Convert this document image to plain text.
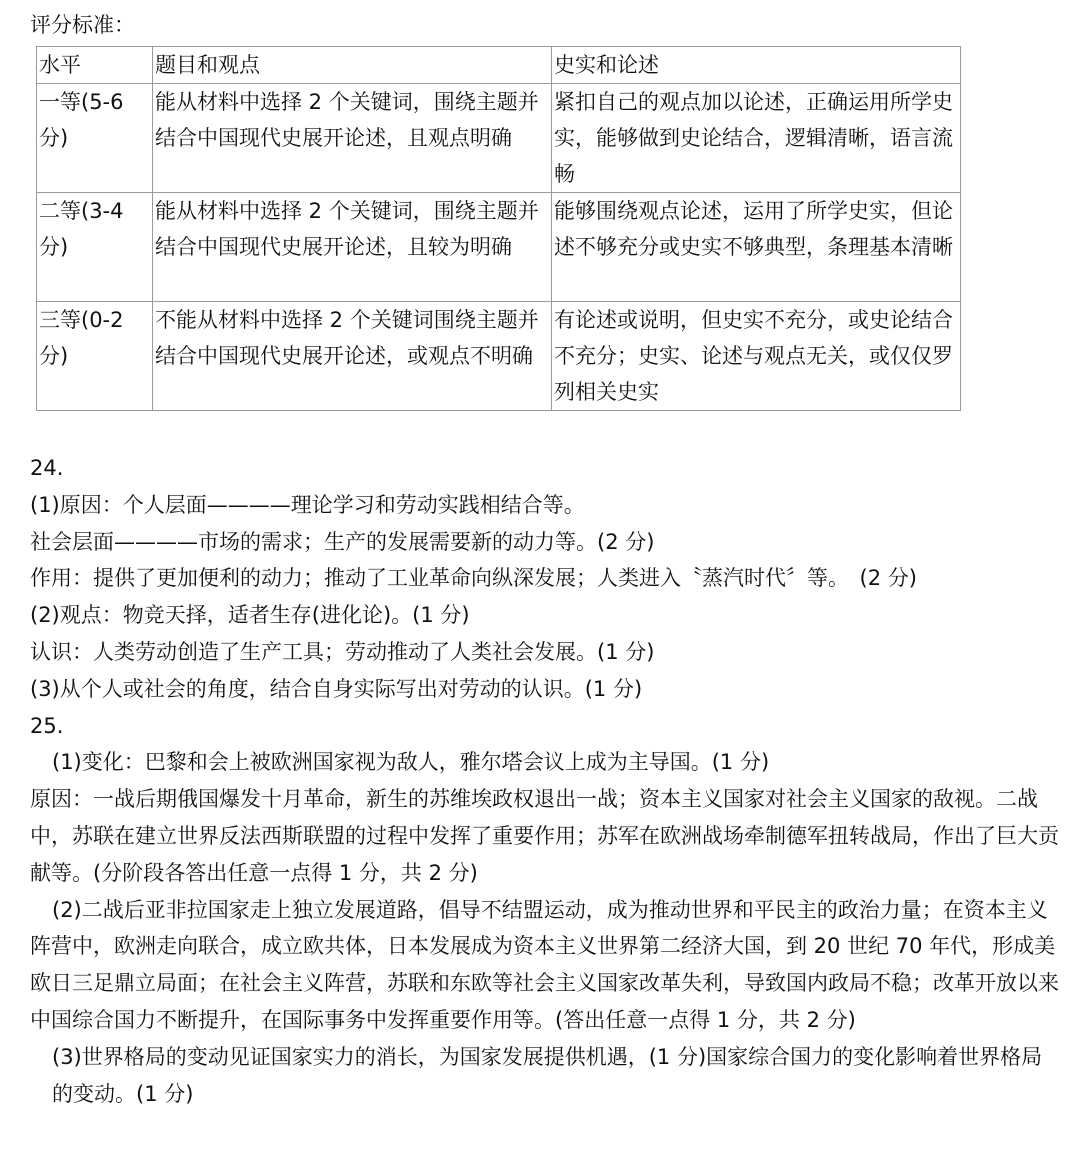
评分标准：
水平	题目和观点	史实和论述
一等(5-6分)	能从材料中选择 2 个关键词，围绕主题并结合中国现代史展开论述，且观点明确	紧扣自己的观点加以论述，正确运用所学史实，能够做到史论结合，逻辑清晰，语言流畅
二等(3-4 分)	能从材料中选择 2 个关键词，围绕主题并结合中国现代史展开论述，且较为明确	能够围绕观点论述，运用了所学史实，但论述不够充分或史实不够典型，条理基本清晰
三等(0-2 分)	不能从材料中选择 2 个关键词围绕主题并结合中国现代史展开论述，或观点不明确	有论述或说明，但史实不充分，或史论结合不充分；史实、论述与观点无关，或仅仅罗列相关史实

24.

(1)原因：个人层面————理论学习和劳动实践相结合等。

社会层面————市场的需求；生产的发展需要新的动力等。(2 分)

作用：提供了更加便利的动力；推动了工业革命向纵深发展；人类进入〝蒸汽时代〞等。　(2 分)

(2)观点：物竞天择，适者生存(进化论)。(1 分)

认识：人类劳动创造了生产工具；劳动推动了人类社会发展。(1 分)

(3)从个人或社会的角度，结合自身实际写出对劳动的认识。(1 分)

25.

(1)变化：巴黎和会上被欧洲国家视为敌人，雅尔塔会议上成为主导国。(1 分)

原因：一战后期俄国爆发十月革命，新生的苏维埃政权退出一战；资本主义国家对社会主义国家的敌视。二战中，苏联在建立世界反法西斯联盟的过程中发挥了重要作用；苏军在欧洲战场牵制德军扭转战局，作出了巨大贡献等。(分阶段各答出任意一点得 1 分，共 2 分)

(2)二战后亚非拉国家走上独立发展道路，倡导不结盟运动，成为推动世界和平民主的政治力量；在资本主义阵营中，欧洲走向联合，成立欧共体，日本发展成为资本主义世界第二经济大国，到 20 世纪 70 年代，形成美欧日三足鼎立局面；在社会主义阵营，苏联和东欧等社会主义国家改革失利，导致国内政局不稳；改革开放以来中国综合国力不断提升，在国际事务中发挥重要作用等。(答出任意一点得 1 分，共 2 分)

(3)世界格局的变动见证国家实力的消长，为国家发展提供机遇，(1 分)国家综合国力的变化影响着世界格局的变动。(1 分)
